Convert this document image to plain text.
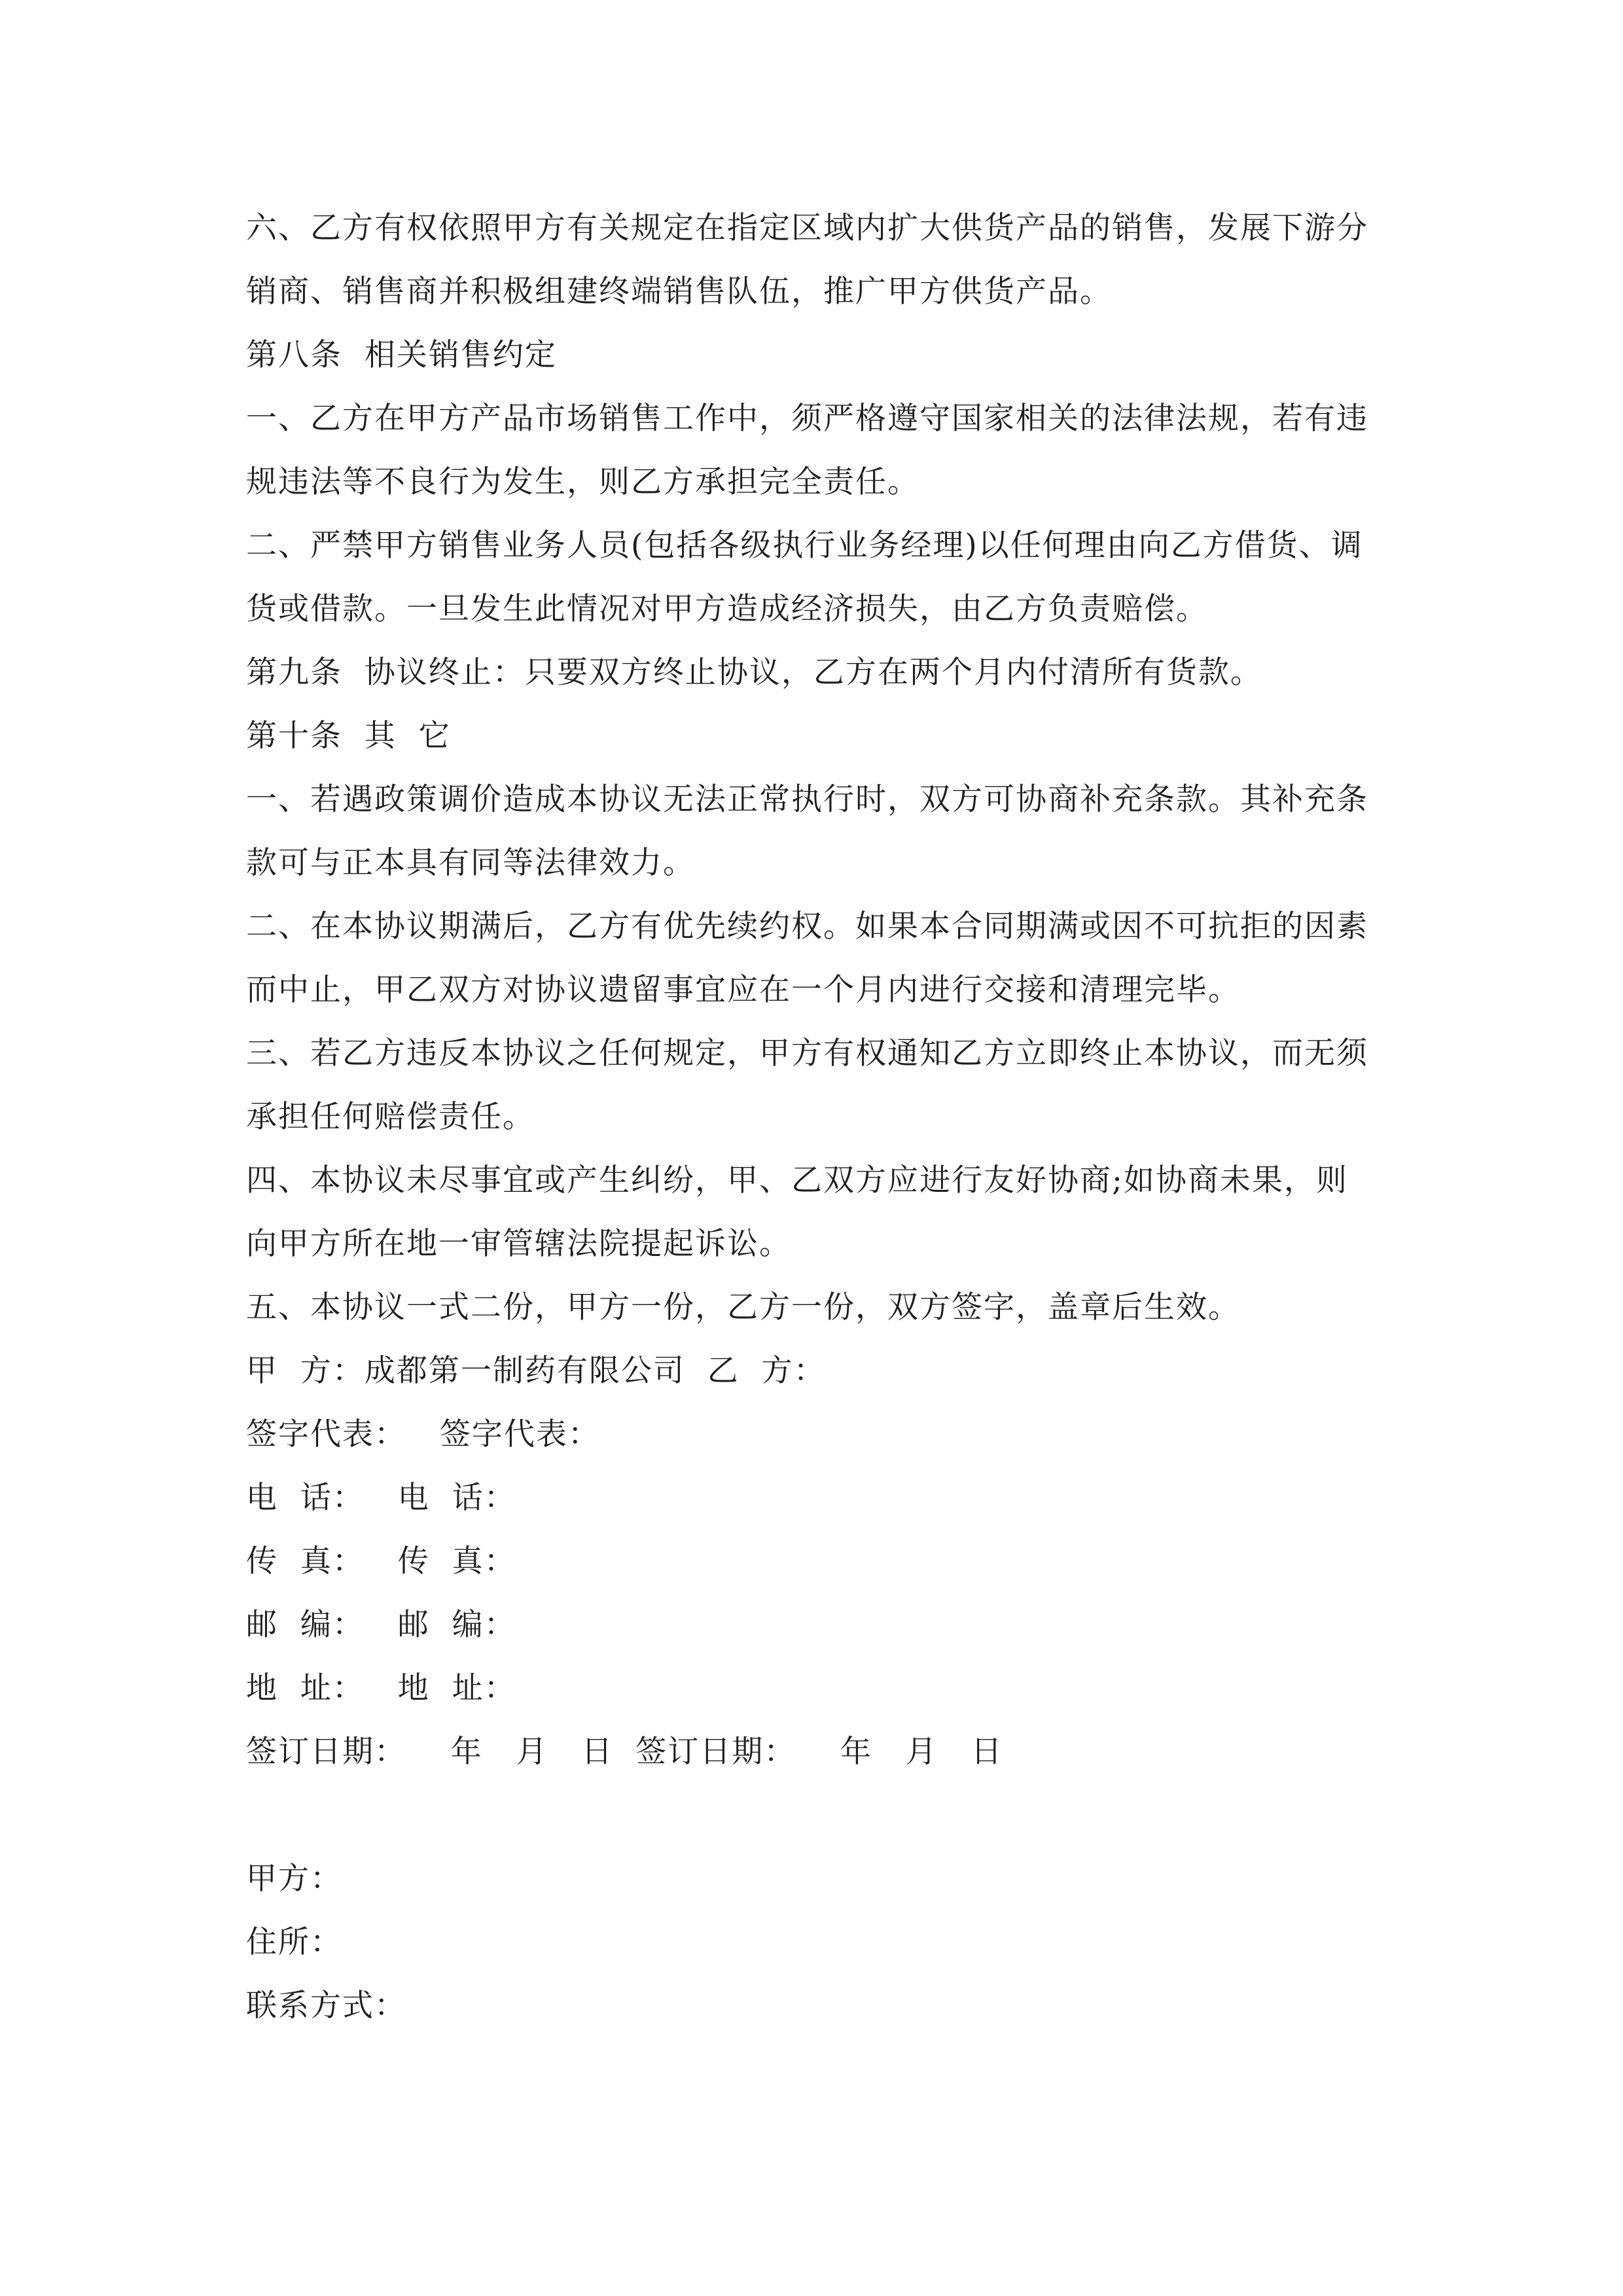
六、乙方有权依照甲方有关规定在指定区域内扩大供货产品的销售，发展下游分
销商、销售商并积极组建终端销售队伍，推广甲方供货产品。
第八条  相关销售约定
一、乙方在甲方产品市场销售工作中，须严格遵守国家相关的法律法规，若有违
规违法等不良行为发生，则乙方承担完全责任。
二、严禁甲方销售业务人员(包括各级执行业务经理)以任何理由向乙方借货、调
货或借款。一旦发生此情况对甲方造成经济损失，由乙方负责赔偿。
第九条  协议终止：只要双方终止协议，乙方在两个月内付清所有货款。
第十条  其  它
一、若遇政策调价造成本协议无法正常执行时，双方可协商补充条款。其补充条
款可与正本具有同等法律效力。
二、在本协议期满后，乙方有优先续约权。如果本合同期满或因不可抗拒的因素
而中止，甲乙双方对协议遗留事宜应在一个月内进行交接和清理完毕。
三、若乙方违反本协议之任何规定，甲方有权通知乙方立即终止本协议，而无须
承担任何赔偿责任。
四、本协议未尽事宜或产生纠纷，甲、乙双方应进行友好协商;如协商未果，则
向甲方所在地一审管辖法院提起诉讼。
五、本协议一式二份，甲方一份，乙方一份，双方签字，盖章后生效。
甲  方：成都第一制药有限公司  乙  方：
签字代表：   签字代表：
电  话：   电  话：
传  真：   传  真：
邮  编：   邮  编：
地  址：   地  址：
签订日期：    年   月   日  签订日期：    年   月   日
甲方：
住所：
联系方式：
